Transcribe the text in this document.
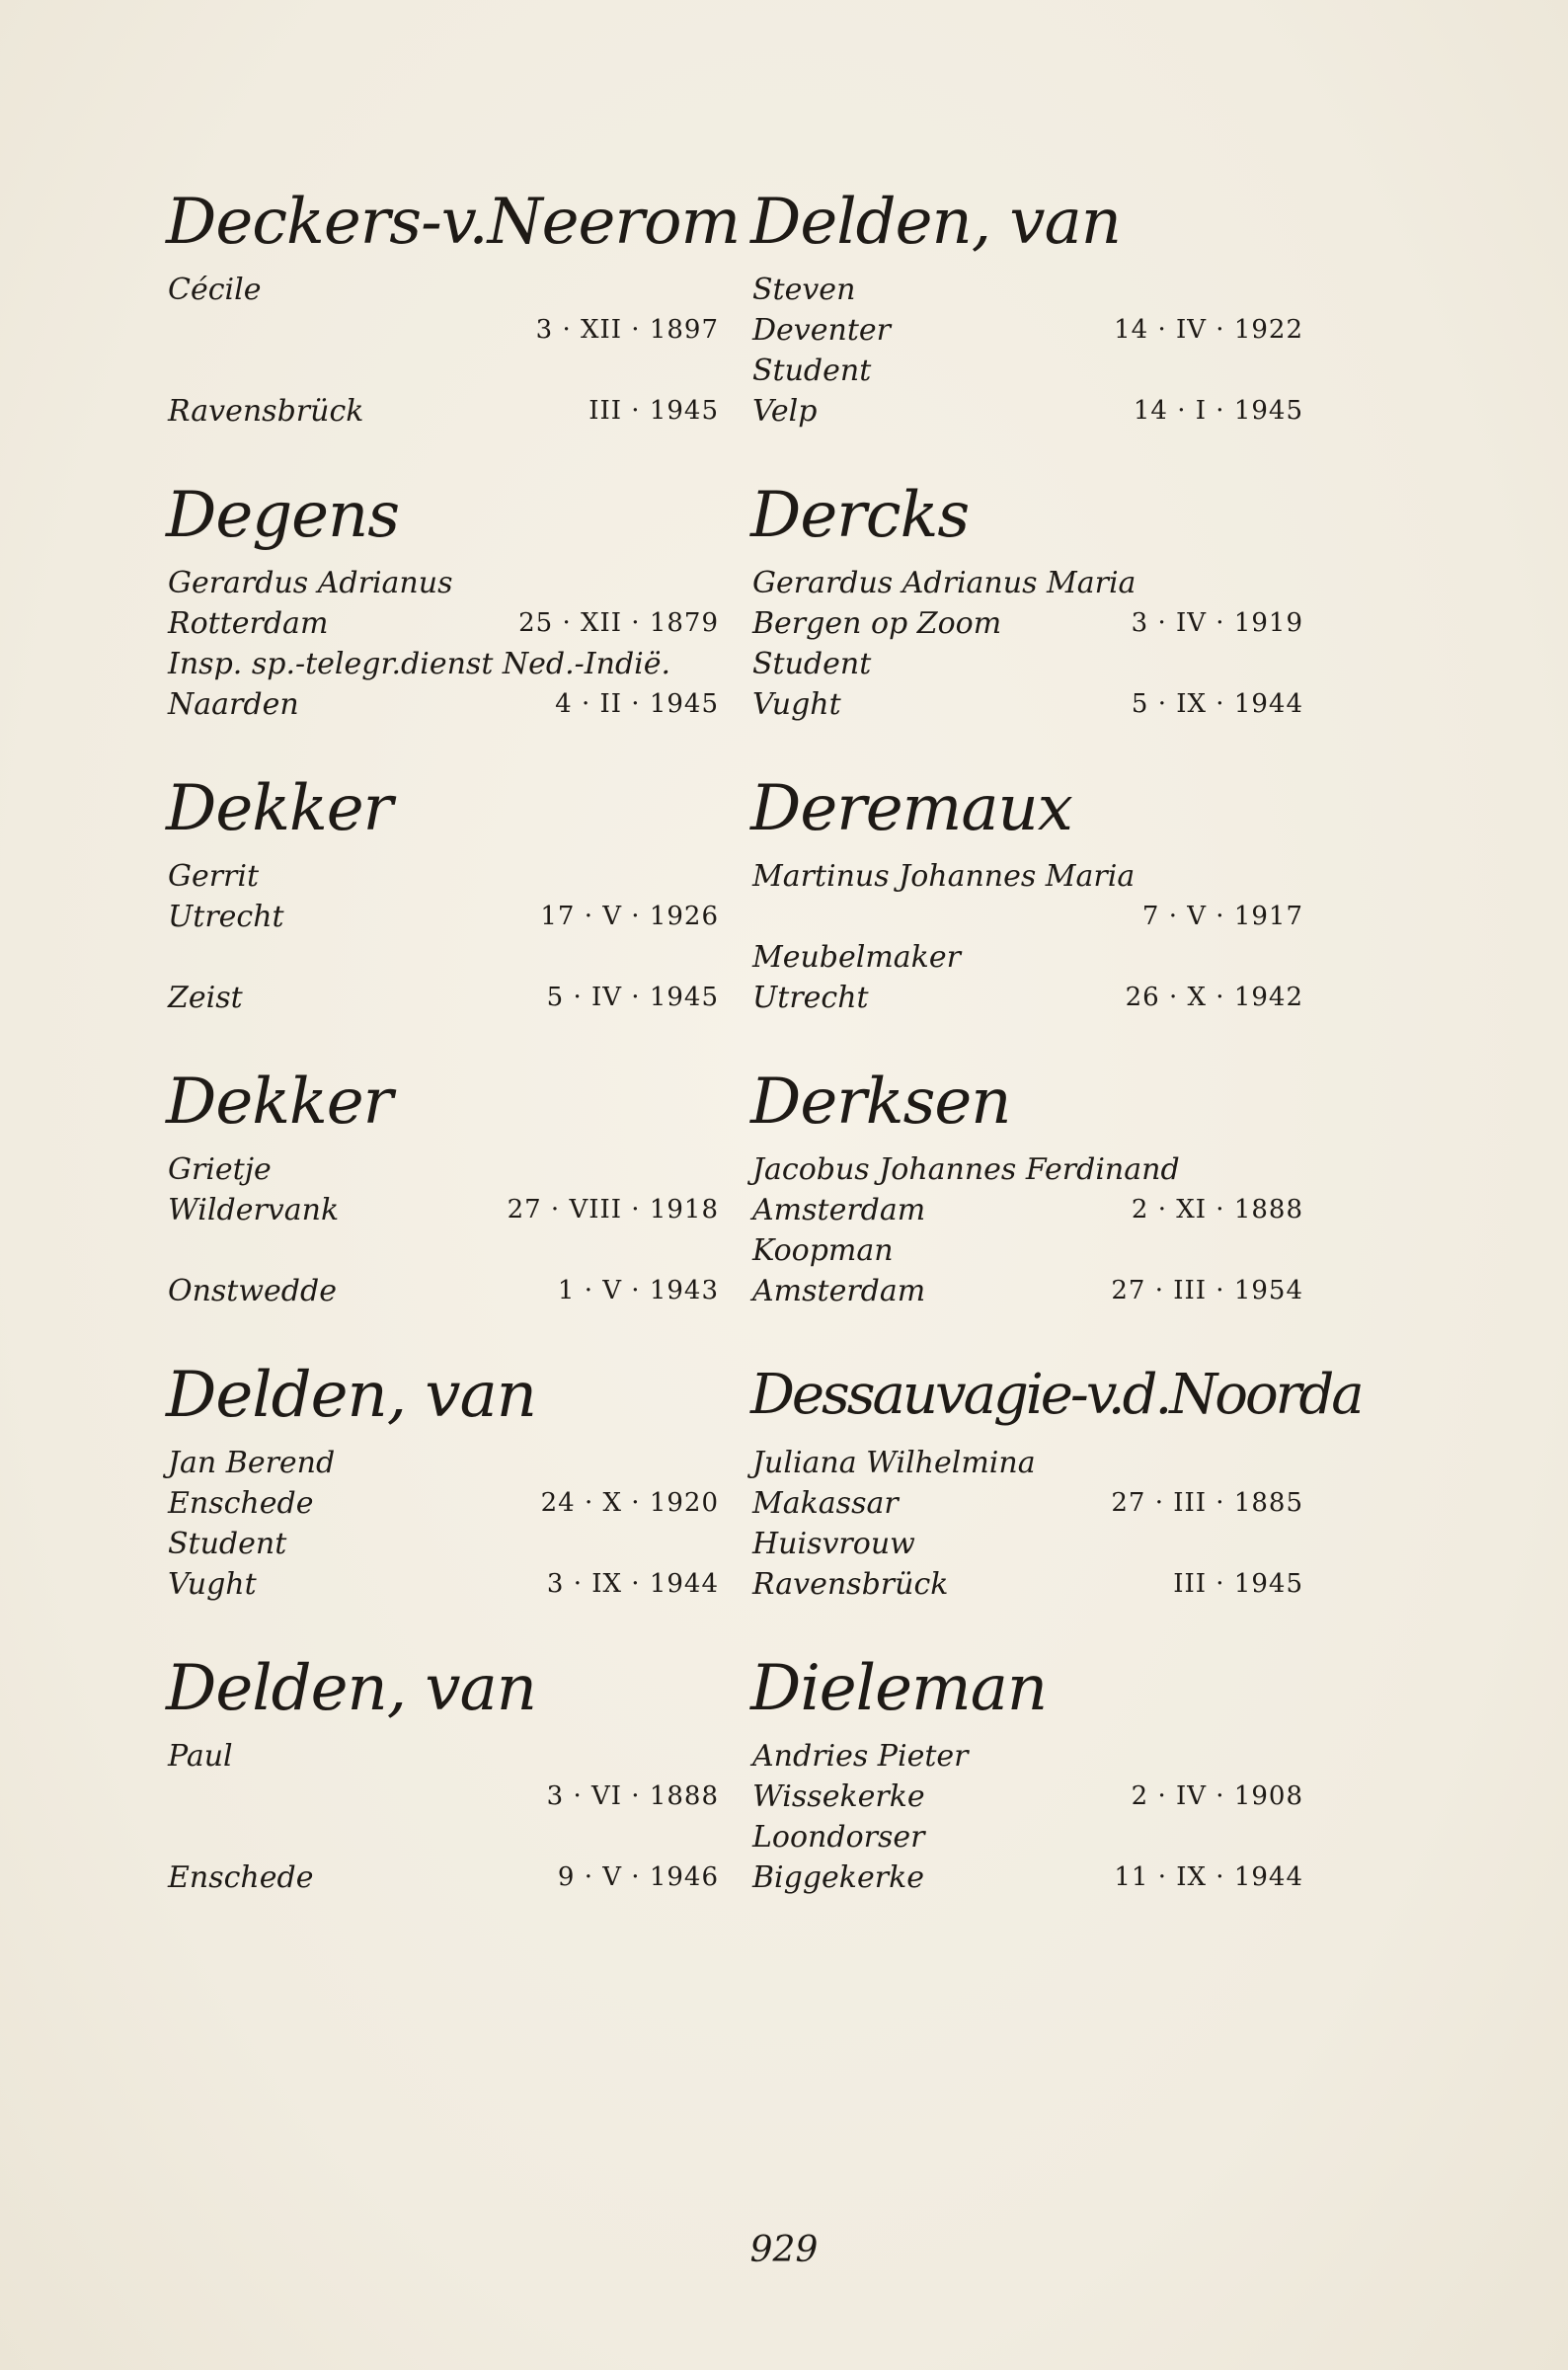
Deckers-v.Neerom
Cécile
3 · XII · 1897
Ravensbrück	III · 1945
Degens
Gerardus Adrianus
Rotterdam	25 · XII · 1879
Insp. sp.-telegr.dienst Ned.-Indië.
Naarden	4 · II · 1945
Dekker
Gerrit
Utrecht	17 · V · 1926
Zeist	5 · IV · 1945
Dekker
Grietje
Wildervank	27 · VIII · 1918
Onstwedde	1 · V · 1943
Delden, van
Jan Berend
Enschede	24 · X · 1920
Student
Vught	3 · IX · 1944
Delden, van
Paul
3 · VI · 1888
Enschede	9 · V · 1946
Delden, van
Steven
Deventer	14 · IV · 1922
Student
Velp	14 · I · 1945
Dercks
Gerardus Adrianus Maria
Bergen op Zoom	3 · IV · 1919
Student
Vught	5 · IX · 1944
Deremaux
Martinus Johannes Maria
7 · V · 1917
Meubelmaker
Utrecht	26 · X · 1942
Derksen
Jacobus Johannes Ferdinand
Amsterdam	2 · XI · 1888
Koopman
Amsterdam	27 · III · 1954
Dessauvagie-v.d.Noorda
Juliana Wilhelmina
Makassar	27 · III · 1885
Huisvrouw
Ravensbrück	III · 1945
Dieleman
Andries Pieter
Wissekerke	2 · IV · 1908
Loondorser
Biggekerke	11 · IX · 1944
929
